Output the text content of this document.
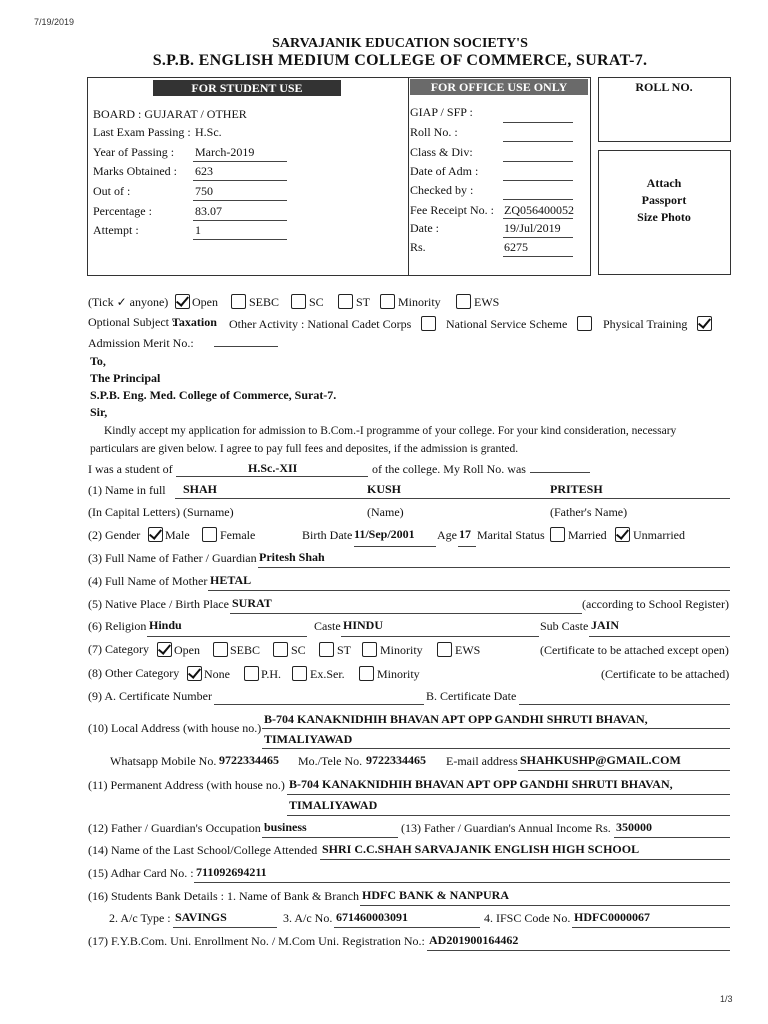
7/19/2019
1/3
SARVAJANIK EDUCATION SOCIETY'S
S.P.B. ENGLISH MEDIUM COLLEGE OF COMMERCE, SURAT-7.
FOR STUDENT USE	FOR OFFICE USE ONLY
BOARD : GUJARAT / OTHER
Last Exam Passing : H.Sc.
Year of Passing : March-2019
Marks Obtained : 623
Out of :	750
Percentage :	83.07
Attempt :	1
GIAP / SFP :
Roll No. :
Class & Div:
Date of Adm :
Checked by :
Fee Receipt No. : ZQ056400052
Date :	19/Jul/2019
Rs.	6275
ROLL NO.
Attach
Passport
Size Photo
(Tick ✓ anyone) Open	SEBC SC	ST Minority	EWS
Optional Subject :
Taxation Other Activity : National Cadet Corps	National Service Scheme	Physical Training
Admission Merit No.:
To,
The Principal
S.P.B. Eng. Med. College of Commerce, Surat-7.
Sir,
Kindly accept my application for admission to B.Com.-I programme of your college. For your kind consideration, necessary
particulars are given below. I agree to pay full fees and deposites, if the admission is granted.
I was a student of	H.Sc.-XII	of the college. My Roll No. was
(1) Name in full SHAH	KUSH	PRITESH
(In Capital Letters) (Surname)	(Name)	(Father's Name)
(2) Gender Male	Female	Birth Date 11/Sep/2001 Age 17 Marital Status Married Unmarried
(3) Full Name of Father / Guardian Pritesh Shah
(4) Full Name of Mother HETAL
(5) Native Place / Birth Place SURAT	(according to School Register)
(6) Religion Hindu	Caste HINDU	Sub Caste JAIN
(7) Category Open	SEBC	SC	ST Minority	EWS	(Certificate to be attached except open)
(8) Other Category None	P.H. Ex.Ser.	Minority	(Certificate to be attached)
(9) A. Certificate Number	B. Certificate Date
(10) Local Address (with house no.)
B-704 KANAKNIDHIH BHAVAN APT OPP GANDHI SHRUTI BHAVAN,
TIMALIYAWAD
Whatsapp Mobile No. 9722334465 Mo./Tele No. 9722334465 E-mail address SHAHKUSHP@GMAIL.COM
(11) Permanent Address (with house no.) B-704 KANAKNIDHIH BHAVAN APT OPP GANDHI SHRUTI BHAVAN,
TIMALIYAWAD
(12) Father / Guardian's Occupation business	(13) Father / Guardian's Annual Income Rs. 350000
(14) Name of the Last School/College Attended SHRI C.C.SHAH SARVAJANIK ENGLISH HIGH SCHOOL
(15) Adhar Card No. : 711092694211
(16) Students Bank Details : 1. Name of Bank & Branch HDFC BANK & NANPURA
2. A/c Type : SAVINGS	3. A/c No. 671460003091	4. IFSC Code No. HDFC0000067
(17) F.Y.B.Com. Uni. Enrollment No. / M.Com Uni. Registration No.: AD201900164462
